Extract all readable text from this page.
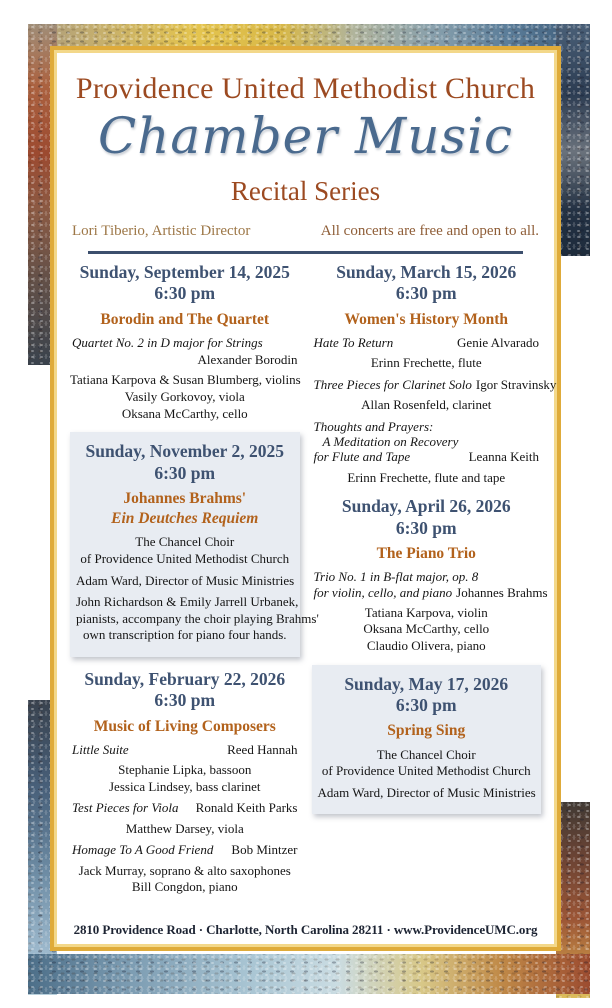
Providence United Methodist Church
Chamber Music
Recital Series
Lori Tiberio, Artistic Director	All concerts are free and open to all.
Sunday, September 14, 2025
6:30 pm
Borodin and The Quartet
Quartet No. 2 in D major for Strings
Alexander Borodin
Tatiana Karpova & Susan Blumberg, violins
Vasily Gorkovoy, viola
Oksana McCarthy, cello
Sunday, November 2, 2025
6:30 pm
Johannes Brahms'
Ein Deutches Requiem
The Chancel Choir
of Providence United Methodist Church
Adam Ward, Director of Music Ministries
John Richardson & Emily Jarrell Urbanek,
pianists, accompany the choir playing Brahms'
own transcription for piano four hands.
Sunday, February 22, 2026
6:30 pm
Music of Living Composers
Little Suite	Reed Hannah
Stephanie Lipka, bassoon
Jessica Lindsey, bass clarinet
Test Pieces for Viola Ronald Keith Parks
Matthew Darsey, viola
Homage To A Good Friend Bob Mintzer
Jack Murray, soprano & alto saxophones
Bill Congdon, piano
Sunday, March 15, 2026
6:30 pm
Women's History Month
Hate To Return	Genie Alvarado
Erinn Frechette, flute
Three Pieces for Clarinet Solo Igor Stravinsky
Allan Rosenfeld, clarinet
Thoughts and Prayers:
A Meditation on Recovery
for Flute and Tape	Leanna Keith
Erinn Frechette, flute and tape
Sunday, April 26, 2026
6:30 pm
The Piano Trio
Trio No. 1 in B-flat major, op. 8
for violin, cello, and piano Johannes Brahms
Tatiana Karpova, violin
Oksana McCarthy, cello
Claudio Olivera, piano
Sunday, May 17, 2026
6:30 pm
Spring Sing
The Chancel Choir
of Providence United Methodist Church
Adam Ward, Director of Music Ministries
2810 Providence Road · Charlotte, North Carolina 28211 · www.ProvidenceUMC.org
